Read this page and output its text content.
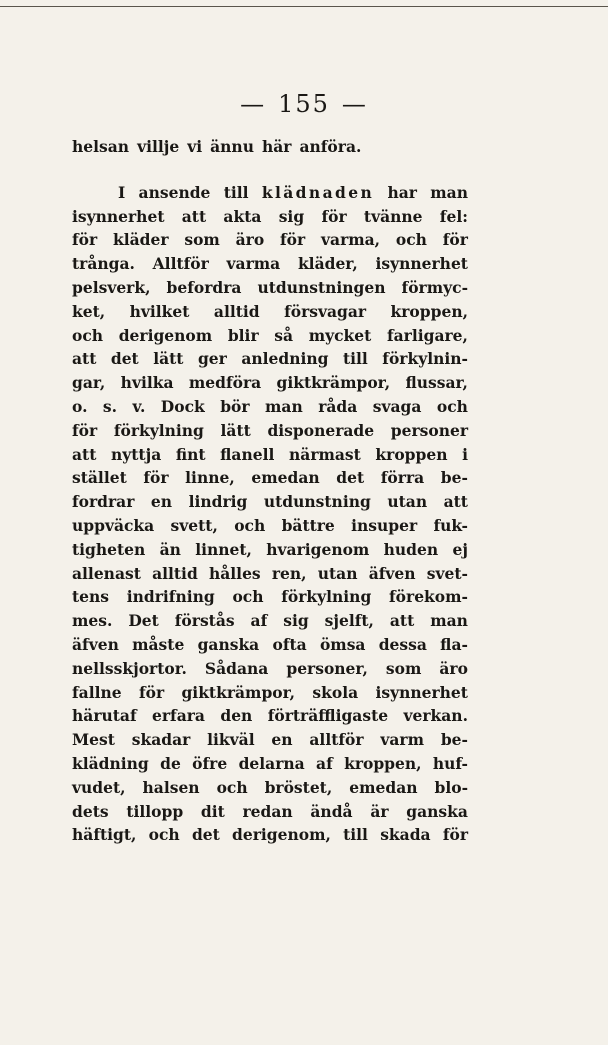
— 155 —
helsan villje vi ännu här anföra.
I ansende till klädnaden har man
isynnerhet att akta sig för tvänne fel:
för kläder som äro för varma, och för
trånga. Alltför varma kläder, isynnerhet
pelsverk, befordra utdunstningen förmyc-
ket, hvilket alltid försvagar kroppen,
och derigenom blir så mycket farligare,
att det lätt ger anledning till förkylnin-
gar, hvilka medföra giktkrämpor, flussar,
o. s. v. Dock bör man råda svaga och
för förkylning lätt disponerade personer
att nyttja fint flanell närmast kroppen i
stället för linne, emedan det förra be-
fordrar en lindrig utdunstning utan att
uppväcka svett, och bättre insuper fuk-
tigheten än linnet, hvarigenom huden ej
allenast alltid hålles ren, utan äfven svet-
tens indrifning och förkylning förekom-
mes. Det förstås af sig sjelft, att man
äfven måste ganska ofta ömsa dessa fla-
nellsskjortor. Sådana personer, som äro
fallne för giktkrämpor, skola isynnerhet
härutaf erfara den förträffligaste verkan.
Mest skadar likväl en alltför varm be-
klädning de öfre delarna af kroppen, huf-
vudet, halsen och bröstet, emedan blo-
dets tillopp dit redan ändå är ganska
häftigt, och det derigenom, till skada för
